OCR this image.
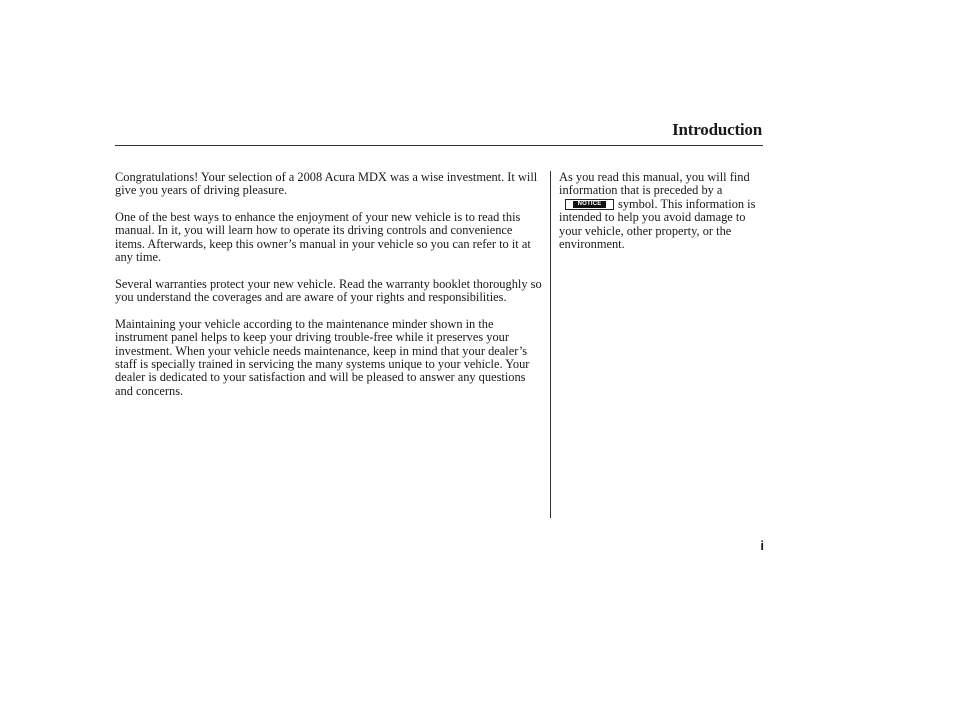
Introduction

Congratulations! Your selection of a 2008 Acura MDX was a wise investment. It will give you years of driving pleasure.

One of the best ways to enhance the enjoyment of your new vehicle is to read this manual. In it, you will learn how to operate its driving controls and convenience items. Afterwards, keep this owner’s manual in your vehicle so you can refer to it at any time.

Several warranties protect your new vehicle. Read the warranty booklet thoroughly so you understand the coverages and are aware of your rights and responsibilities.

Maintaining your vehicle according to the maintenance minder shown in the instrument panel helps to keep your driving trouble-free while it preserves your investment. When your vehicle needs maintenance, keep in mind that your dealer’s staff is specially trained in servicing the many systems unique to your vehicle. Your dealer is dedicated to your satisfaction and will be pleased to answer any questions and concerns.

As you read this manual, you will find information that is preceded by a
NOTICE	symbol. This information is intended to help you avoid damage to your vehicle, other property, or the environment.
i
